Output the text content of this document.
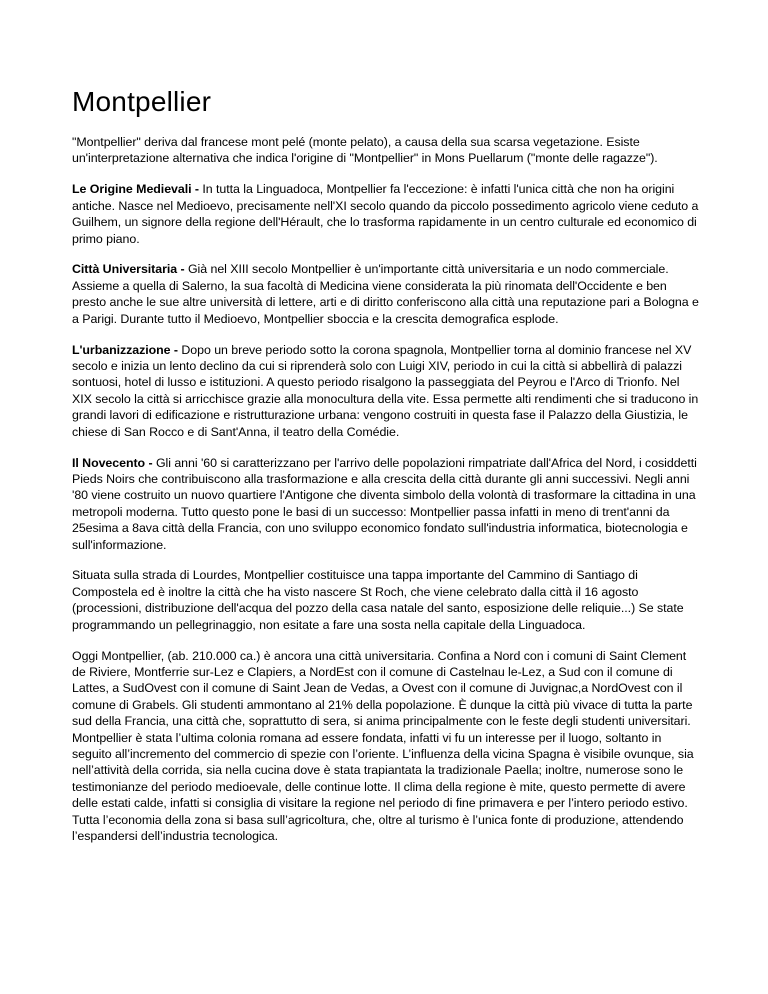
Montpellier

"Montpellier" deriva dal francese mont pelé (monte pelato), a causa della sua scarsa vegetazione. Esiste un'interpretazione alternativa che indica l'origine di "Montpellier" in Mons Puellarum ("monte delle ragazze").

Le Origine Medievali - In tutta la Linguadoca, Montpellier fa l'eccezione: è infatti l'unica città che non ha origini antiche. Nasce nel Medioevo, precisamente nell'XI secolo quando da piccolo possedimento agricolo viene ceduto a Guilhem, un signore della regione dell'Hérault, che lo trasforma rapidamente in un centro culturale ed economico di primo piano.

Città Universitaria - Già nel XIII secolo Montpellier è un'importante città universitaria e un nodo commerciale. Assieme a quella di Salerno, la sua facoltà di Medicina viene considerata la più rinomata dell'Occidente e ben presto anche le sue altre università di lettere, arti e di diritto conferiscono alla città una reputazione pari a Bologna e a Parigi. Durante tutto il Medioevo, Montpellier sboccia e la crescita demografica esplode.

L'urbanizzazione - Dopo un breve periodo sotto la corona spagnola, Montpellier torna al dominio francese nel XV secolo e inizia un lento declino da cui si riprenderà solo con Luigi XIV, periodo in cui la città si abbellirà di palazzi sontuosi, hotel di lusso e istituzioni. A questo periodo risalgono la passeggiata del Peyrou e l'Arco di Trionfo. Nel XIX secolo la città si arricchisce grazie alla monocultura della vite. Essa permette alti rendimenti che si traducono in grandi lavori di edificazione e ristrutturazione urbana: vengono costruiti in questa fase il Palazzo della Giustizia, le chiese di San Rocco e di Sant'Anna, il teatro della Comédie.

Il Novecento - Gli anni '60 si caratterizzano per l'arrivo delle popolazioni rimpatriate dall'Africa del Nord, i cosiddetti Pieds Noirs che contribuiscono alla trasformazione e alla crescita della città durante gli anni successivi. Negli anni '80 viene costruito un nuovo quartiere l'Antigone che diventa simbolo della volontà di trasformare la cittadina in una metropoli moderna. Tutto questo pone le basi di un successo: Montpellier passa infatti in meno di trent'anni da 25esima a 8ava città della Francia, con uno sviluppo economico fondato sull'industria informatica, biotecnologia e sull'informazione.

Situata sulla strada di Lourdes, Montpellier costituisce una tappa importante del Cammino di Santiago di Compostela ed è inoltre la città che ha visto nascere St Roch, che viene celebrato dalla città il 16 agosto (processioni, distribuzione dell'acqua del pozzo della casa natale del santo, esposizione delle reliquie...) Se state programmando un pellegrinaggio, non esitate a fare una sosta nella capitale della Linguadoca.

Oggi Montpellier, (ab. 210.000 ca.) è ancora una città universitaria. Confina a Nord con i comuni di Saint Clement de Riviere, Montferrie sur-Lez e Clapiers, a NordEst con il comune di Castelnau le-Lez, a Sud con il comune di Lattes, a SudOvest con il comune di Saint Jean de Vedas, a Ovest con il comune di Juvignac,a NordOvest con il comune di Grabels. Gli studenti ammontano al 21% della popolazione. È dunque la città più vivace di tutta la parte sud della Francia, una città che, soprattutto di sera, si anima principalmente con le feste degli studenti universitari. Montpellier è stata l’ultima colonia romana ad essere fondata, infatti vi fu un interesse per il luogo, soltanto in seguito all’incremento del commercio di spezie con l’oriente. L’influenza della vicina Spagna è visibile ovunque, sia nell’attività della corrida, sia nella cucina dove è stata trapiantata la tradizionale Paella; inoltre, numerose sono le testimonianze del periodo medioevale, delle continue lotte. Il clima della regione è mite, questo permette di avere delle estati calde, infatti si consiglia di visitare la regione nel periodo di fine primavera e per l’intero periodo estivo. Tutta l’economia della zona si basa sull’agricoltura, che, oltre al turismo è l’unica fonte di produzione, attendendo l’espandersi dell’industria tecnologica.
